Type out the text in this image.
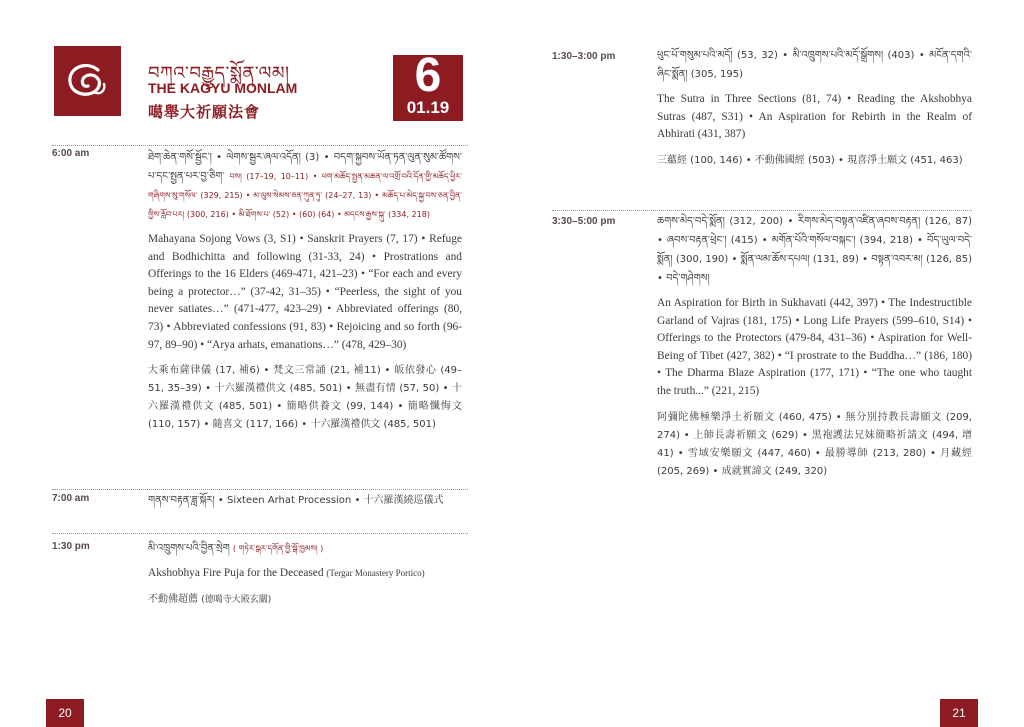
བཀའ་བརྒྱུད་སྨོན་ལམ།
THE KAGYU MONLAM
噶舉大祈願法會
6
01.19
6:00 am	ཐེག་ཆེན་གསོ་སྦྱོང་། • ལེགས་སྦྱར་ཞལ་འདོན། (3) • བདག་སྐྱབས་ཡོན་ཏན་ལུན་སུམ་ཚོགས་པ་དང་སྤྱན་པར་བྱ་ཅིག་ བས། (17–19, 10–11) • ཕག་མཆོད་སྤྱན་མཆན་ལ་འགྲོ་བའི་དོན་གྱི་མཆོད་ཕྱིར་གཞིགས་སུ་གསོལ་ (329, 215) • མ་ལུས་སེམས་ཅན་ཀུན་ཏུ་ (24–27, 13) • མཆོད་པ་མེད་སྐྱ་བས་ཅན་བྱིན་གྱིས་རློབ་པར། (300, 216) • མི་ཐོགས་པ་ (52) • (60) (64) • མདངས་རྒྱས་སྐུ་ (334, 218)

Mahayana Sojong Vows (3, S1) • Sanskrit Prayers (7, 17) • Refuge and Bodhichitta and following (31-33, 24) • Prostrations and Offerings to the 16 Elders (469-471, 421–23) • “For each and every being a protector…” (37-42, 31–35) • “Peerless, the sight of you never satiates…” (471-477, 423–29) • Abbreviated offerings (80, 73) • Abbreviated confessions (91, 83) • Rejoicing and so forth (96-97, 89–90) • “Arya arhats, emanations…” (478, 429–30)

大乘布薩律儀 (17, 補6) • 梵文三常誦 (21, 補11) • 皈依發心 (49–51, 35–39) • 十六羅漢禮供文 (485, 501) • 無盡有情 (57, 50) • 十六羅漢禮供文 (485, 501) • 簡略供養文 (99, 144) • 簡略懺悔文 (110, 157) • 隨喜文 (117, 166) • 十六羅漢禮供文 (485, 501)

7:00 am	གནས་བརྟན་ཟླ་སྐོར། • Sixteen Arhat Procession • 十六羅漢繞巡儀式

1:30 pm	མི་འཁྲུགས་པའི་བྱིན་སྲེག ( གཏེར་སྒར་དགོན་གྱི་སྒོ་ཁྱམས། )

Akshobhya Fire Puja for the Deceased (Tergar Monastery Portico)

不動佛超薦 (德噶寺大殿玄關)

20
1:30–3:00 pm	ཕུང་པོ་གསུམ་པའི་མདོ། (53, 32) • མི་འཁྲུགས་པའི་མདོ་སྒྲོགས། (403) • མངོན་དགའི་ཞིང་སྨོན། (305, 195)

The Sutra in Three Sections (81, 74) • Reading the Akshobhya Sutras (487, S31) • An Aspiration for Rebirth in the Realm of Abhirati (431, 387)

三蘊經 (100, 146) • 不動佛國經 (503) • 現喜淨土願文 (451, 463)

3:30–5:00 pm	ཆགས་མེད་བདེ་སྨོན། (312, 200) • རིགས་མེད་བསྟན་འཛིན་ཞབས་བརྟན། (126, 87) • ཞབས་བརྟན་ཕྲེང་། (415) • མགོན་པོའི་གསོལ་བསྐང་། (394, 218) • བོད་ཡུལ་བདེ་སྨོན། (300, 190) • སྨོན་ལམ་ཆོས་དཔལ། (131, 89) • བསྟན་འབར་མ། (126, 85) • བདེ་གཤེགས།

An Aspiration for Birth in Sukhavati (442, 397) • The Indestructible Garland of Vajras (181, 175) • Long Life Prayers (599–610, S14) • Offerings to the Protectors (479-84, 431–36) • Aspiration for Well-Being of Tibet (427, 382) • “I prostrate to the Buddha…” (186, 180) • The Dharma Blaze Aspiration (177, 171) • “The one who taught the truth...” (221, 215)

阿彌陀佛極樂淨土祈願文 (460, 475) • 無分別持教長壽願文 (209, 274) • 上師長壽祈願文 (629) • 黑袍護法兄妹簡略祈請文 (494, 增41) • 雪域安樂願文 (447, 460) • 最勝導師 (213, 280) • 月藏經 (205, 269) • 成就實諦文 (249, 320)

21
